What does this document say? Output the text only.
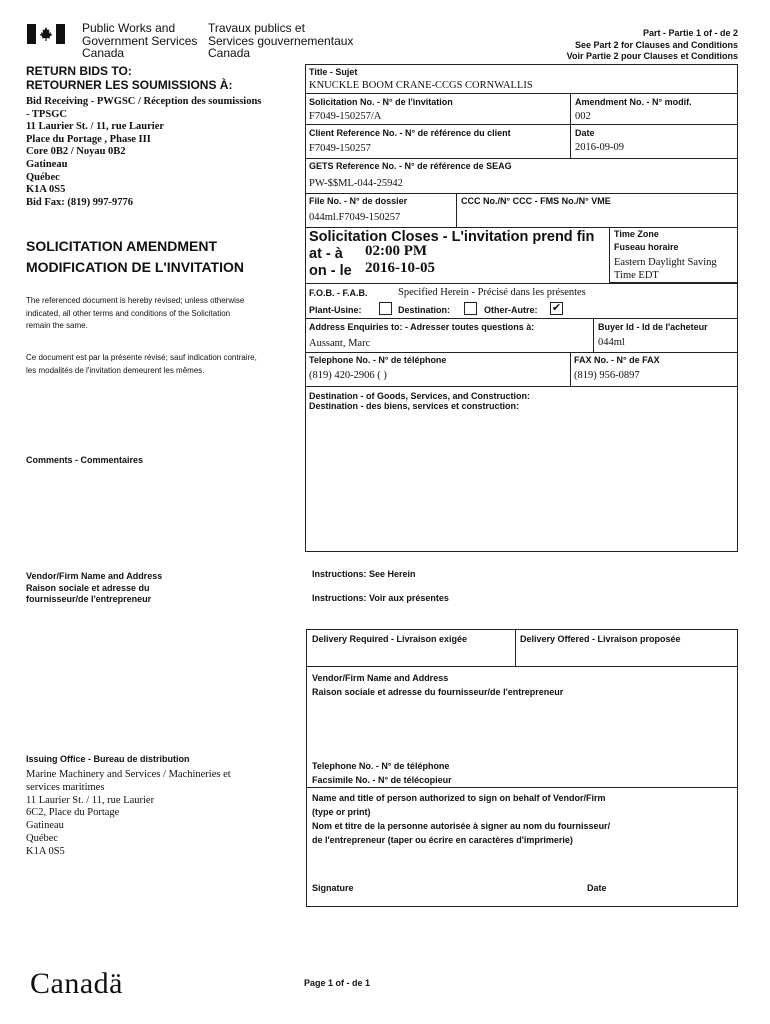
Public Works and
Government Services
Canada
Travaux publics et
Services gouvernementaux
Canada
Part - Partie 1 of - de 2
See Part 2 for Clauses and Conditions
Voir Partie 2 pour Clauses et Conditions
RETURN BIDS TO:
RETOURNER LES SOUMISSIONS À:
Bid Receiving - PWGSC / Réception des soumissions
- TPSGC
11 Laurier St. / 11, rue Laurier
Place du Portage , Phase III
Core 0B2 / Noyau 0B2
Gatineau
Québec
K1A 0S5
Bid Fax: (819) 997-9776
SOLICITATION AMENDMENT
MODIFICATION DE L'INVITATION
The referenced document is hereby revised; unless otherwise
indicated, all other terms and conditions of the Solicitation
remain the same.
Ce document est par la présente révisé; sauf indication contraire,
les modalités de l'invitation demeurent les mêmes.
Comments - Commentaires
Vendor/Firm Name and Address
Raison sociale et adresse du
fournisseur/de l'entrepreneur
Issuing Office - Bureau de distribution
Marine Machinery and Services / Machineries et
services maritimes
11 Laurier St. / 11, rue Laurier
6C2, Place du Portage
Gatineau
Québec
K1A 0S5
Title - Sujet
KNUCKLE BOOM CRANE-CCGS CORNWALLIS
Solicitation No. - N° de l'invitation
F7049-150257/A
Amendment No. - N° modif.
002
Client Reference No. - N° de référence du client
F7049-150257
Date
2016-09-09
GETS Reference No. - N° de référence de SEAG
PW-$$ML-044-25942
File No. - N° de dossier
044ml.F7049-150257
CCC No./N° CCC - FMS No./N° VME
Solicitation Closes - L'invitation prend fin
at - à 02:00 PM
on - le 2016-10-05
Time Zone
Fuseau horaire
Eastern Daylight Saving
Time EDT
F.O.B. - F.A.B.	Specified Herein - Précisé dans les présentes
Plant-Usine:	Destination:	Other-Autre: ✔
Address Enquiries to: - Adresser toutes questions à:
Aussant, Marc
Buyer Id - Id de l'acheteur
044ml
Telephone No. - N° de téléphone
(819) 420-2906 ( )
FAX No. - N° de FAX
(819) 956-0897
Destination - of Goods, Services, and Construction:
Destination - des biens, services et construction:
Instructions: See Herein
Instructions: Voir aux présentes
Delivery Required - Livraison exigée	Delivery Offered - Livraison proposée
Vendor/Firm Name and Address
Raison sociale et adresse du fournisseur/de l'entrepreneur
Telephone No. - N° de téléphone
Facsimile No. - N° de télécopieur
Name and title of person authorized to sign on behalf of Vendor/Firm
(type or print)
Nom et titre de la personne autorisée à signer au nom du fournisseur/
de l'entrepreneur (taper ou écrire en caractères d'imprimerie)
Signature	Date
Canadä	Page 1 of - de 1
